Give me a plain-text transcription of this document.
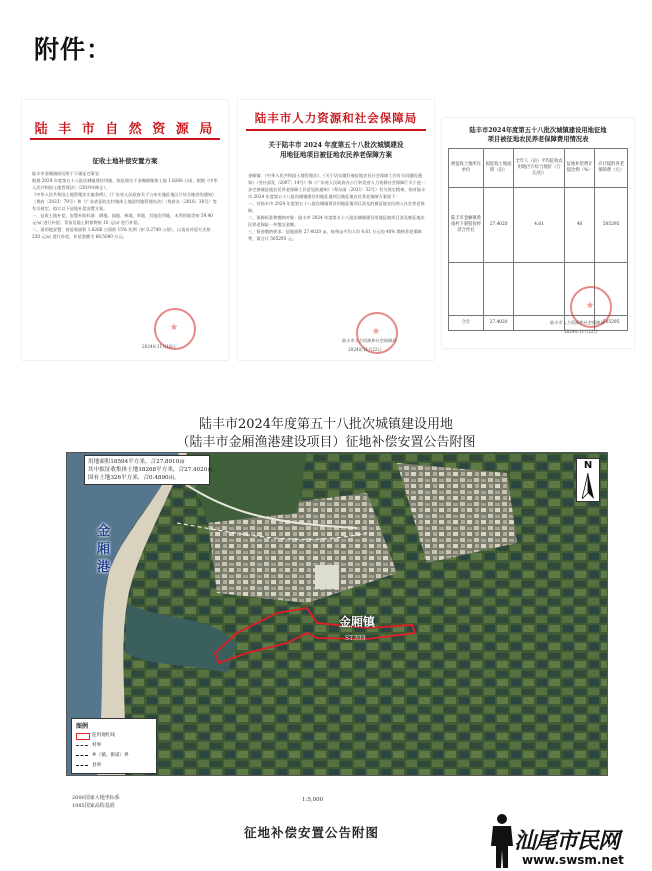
附件：
陆 丰 市 自 然 资 源 局
征收土地补偿安置方案

陆丰市金厢镇原因用于下属征迁事宜：

根据 2024 年度第五十八批次城镇建设用地，拟征收位于金厢镇集体土地 1.8266 公顷，根据《中华人民共和国土地管理法》（2019年修正）、

《中华人民共和国土地管理法实施条例》、《广东省人民政府关于公布实施征地区片综合地价的通知》（粤府〔2023〕79号）和《广东省征收农村集体土地留用地管理办法》（粤府办〔2016〕30号）等有关规定，拟订以下征地补偿安置方案。

一、征收土地补偿、安置补助标准：耕地、园地、林地、草地、其他农用地、未利用地等按 59.40 元/㎡ 进行补偿；青苗及地上附着物按 10 元/㎡ 进行补偿。

二、留用地安置：按征收面积 1.8266 公顷的 15% 比例（折 0.2740 公顷），以货币补偿方式按 250 元/㎡ 进行补偿，补偿金额为 68.5000 万元。

2024年11月18日
陆丰市人力资源和社会保障局
关于陆丰市 2024 年度第五十八批次城镇建设
用地征地项目被征地农民养老保障方案

金厢镇：《中华人民共和国土地管理法》、《关于切实做好被征地农民社会保障工作有关问题的通知》（劳社部发〔2007〕14号）和《广东省人民政府办公厅转发省人力资源社会保障厅关于进一步完善被征地农民养老保障工作意见的通知》（粤办函〔2021〕32号）有关规定精神，拟对陆丰市 2024 年度第五十八批次城镇建设用地征地项目被征地农民养老保障方案如下：

一、对陆丰市 2024 年度第五十八批次城镇建设用地征地项目涉及的被征地农民纳入社会养老保障。

二、保障标准和缴纳对象：陆丰市 2024 年度第五十八批次城镇建设用地征地项目涉及被征地农民养老保险一并缴交金额。

三、资金缴纳要求：征地面积 27.4020 亩，按每亩平均人均 4.61 万元的 40% 缴纳养老保障费，需合计 505295 元。

陆丰市人力资源和社会保障局
2024年11月22日
陆丰市2024年度第五十八批次城镇建设用地征地
项目被征地农民养老保障费用情况表
被征收土地所在单位	拟征收土地面积（亩）	全年人（亩）平均征收农用地区片综合地价（万元/亩）	征地补偿费计提比例（%）	应计提的养老保障费（元）
陆丰市金厢镇黄南村下寮股份经济合作社	27.4020	4.61	40	505295

合计	27.4020			505295
陆丰市人力资源和社会保障局
2024年11月22日
陆丰市2024年度第五十八批次城镇建设用地
（陆丰市金厢渔港建设项目）征地补偿安置公告附图
金
厢
港
金厢镇
ST.333
用地面积18594平方米，合27.8910亩
其中拟征收集体土地18268平方米，合27.4020亩。
国有土地326平方米，合0.4890亩。
N
图例
征用地红线
村界
乡（镇、街道）界
县界
2000国家大地坐标系
1985国家高程基准
1:5,000
征地补偿安置公告附图	汕尾市民网
www.swsm.net
